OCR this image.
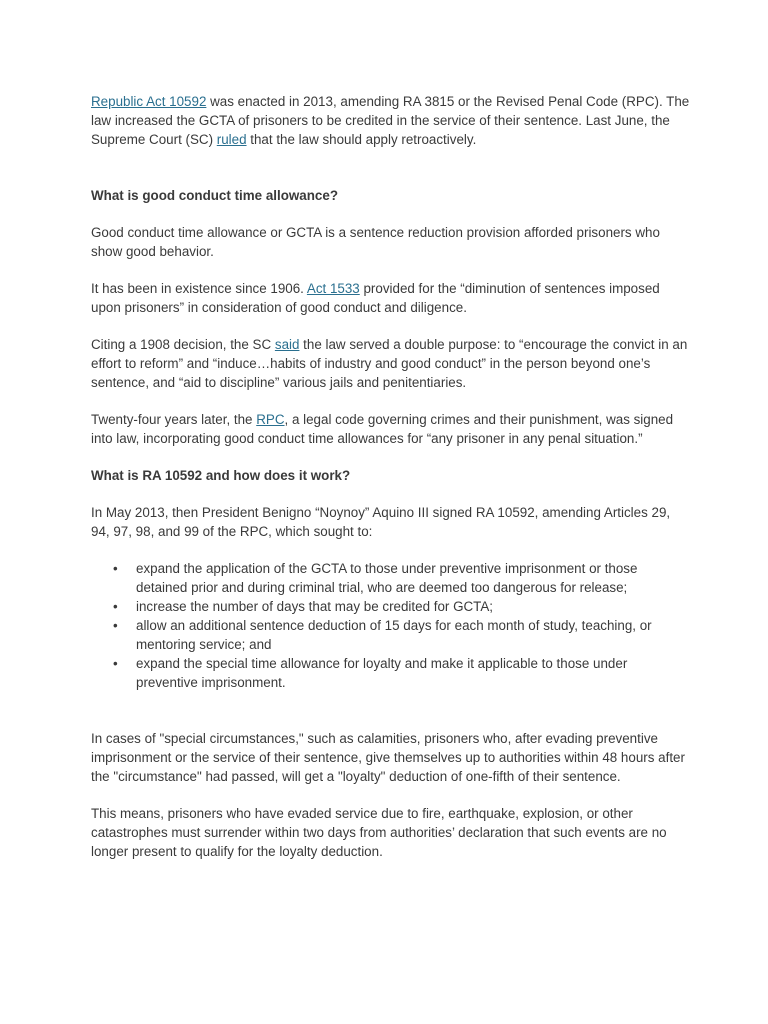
Republic Act 10592 was enacted in 2013, amending RA 3815 or the Revised Penal Code (RPC). The law increased the GCTA of prisoners to be credited in the service of their sentence. Last June, the Supreme Court (SC) ruled that the law should apply retroactively.

What is good conduct time allowance?

Good conduct time allowance or GCTA is a sentence reduction provision afforded prisoners who show good behavior.

It has been in existence since 1906. Act 1533 provided for the “diminution of sentences imposed upon prisoners” in consideration of good conduct and diligence.

Citing a 1908 decision, the SC said the law served a double purpose: to “encourage the convict in an effort to reform” and “induce…habits of industry and good conduct” in the person beyond one’s sentence, and “aid to discipline” various jails and penitentiaries.

Twenty-four years later, the RPC, a legal code governing crimes and their punishment, was signed into law, incorporating good conduct time allowances for “any prisoner in any penal situation.”

What is RA 10592 and how does it work?

In May 2013, then President Benigno “Noynoy” Aquino III signed RA 10592, amending Articles 29, 94, 97, 98, and 99 of the RPC, which sought to:

• expand the application of the GCTA to those under preventive imprisonment or those detained prior and during criminal trial, who are deemed too dangerous for release;
• increase the number of days that may be credited for GCTA;
• allow an additional sentence deduction of 15 days for each month of study, teaching, or mentoring service; and
• expand the special time allowance for loyalty and make it applicable to those under preventive imprisonment.

In cases of "special circumstances," such as calamities, prisoners who, after evading preventive imprisonment or the service of their sentence, give themselves up to authorities within 48 hours after the "circumstance" had passed, will get a "loyalty" deduction of one-fifth of their sentence.

This means, prisoners who have evaded service due to fire, earthquake, explosion, or other catastrophes must surrender within two days from authorities’ declaration that such events are no longer present to qualify for the loyalty deduction.
